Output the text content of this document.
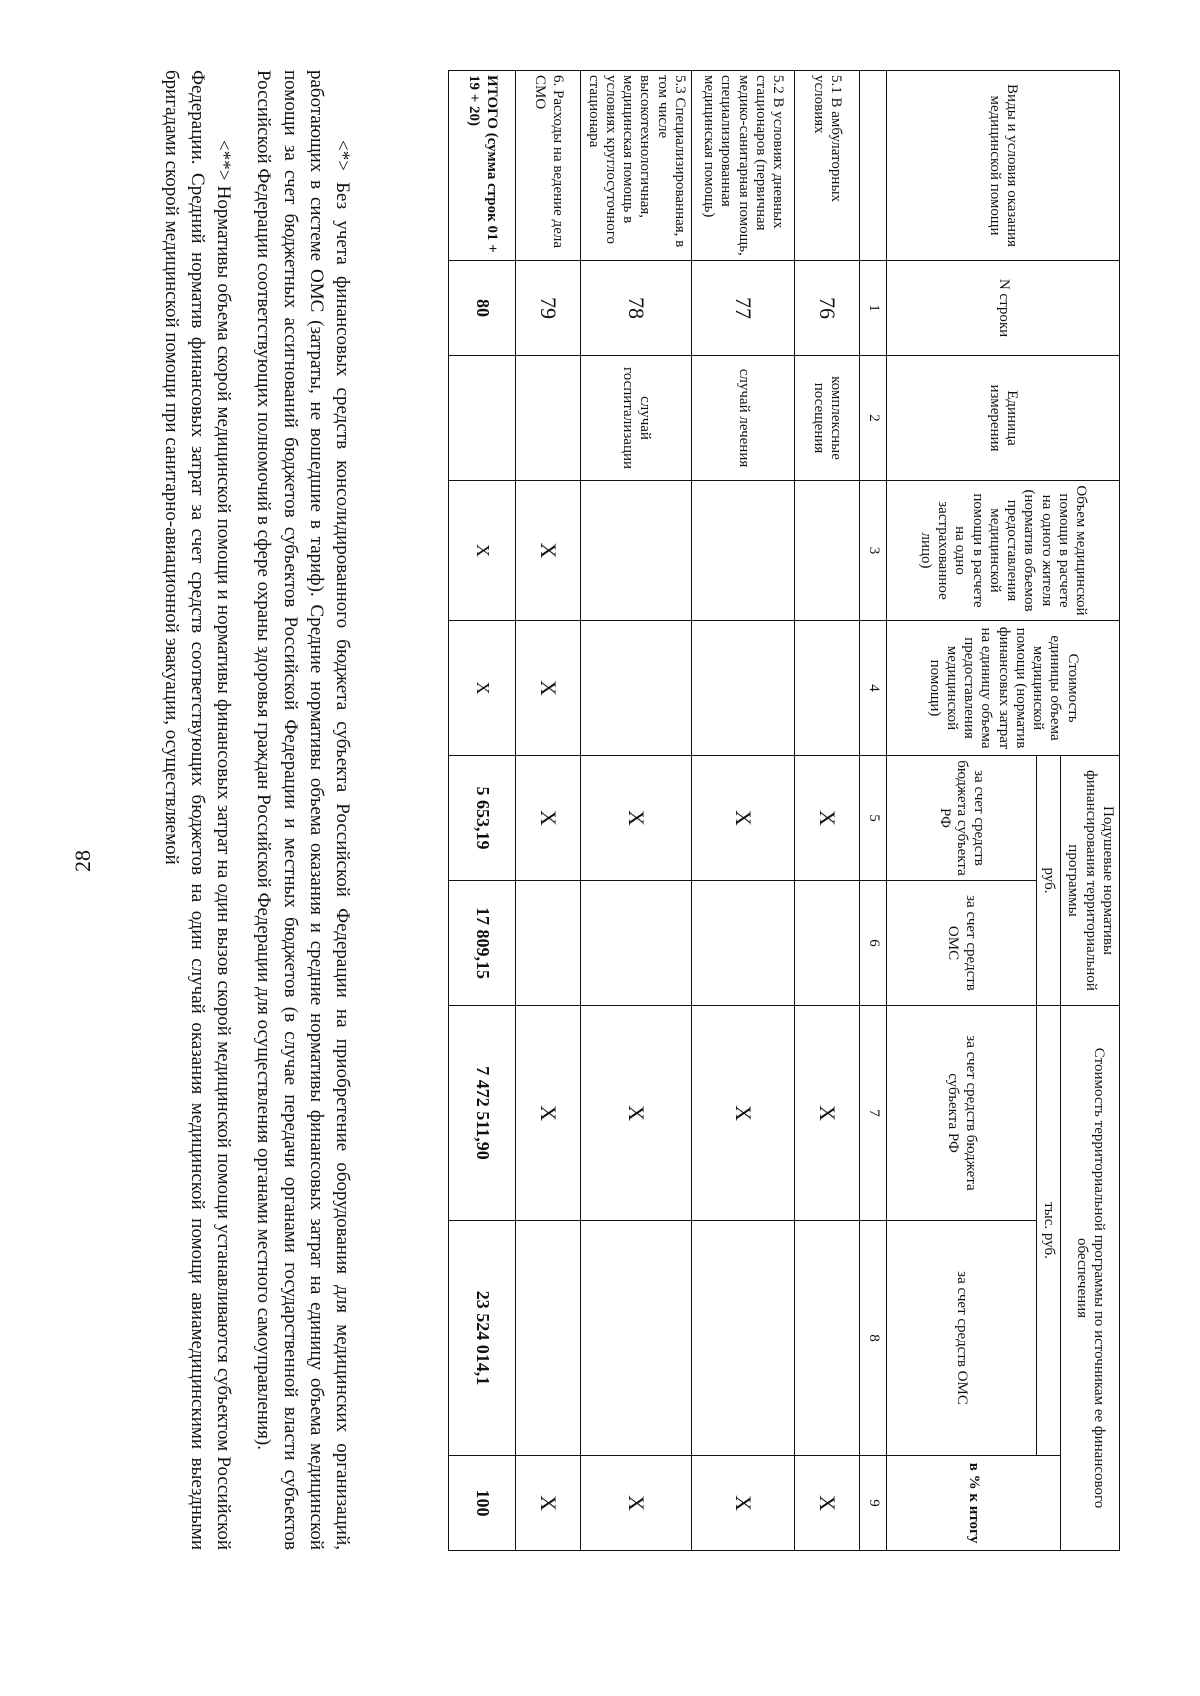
28
Виды и условия оказания медицинской помощи	N строки	Единица измерения	Объем медицинской помощи в расчете на одного жителя (норматив объемов предоставления медицинской помощи в расчете на одно застрахованное лицо)	Стоимость единицы объема медицинской помощи (норматив финансовых затрат на единицу объема предоставления медицинской помощи)	Подушевые нормативы финансирования территориальной программы		Стоимость территориальной программы по источникам ее финансового обеспечения		
					руб.		тыс. руб.		в % к итогу
					за счет средств бюджета субъекта РФ	за счет средств ОМС	за счет средств бюджета субъекта РФ	за счет средств ОМС	
	1	2	3	4	5	6	7	8	9
5.1 В амбулаторных условиях	76	комплексные посещения			X		X		X
5.2 В условиях дневных стационаров (первичная медико-санитарная помощь, специализированная медицинская помощь)	77	случай лечения			X		X		X
5.3 Специализированная, в том числе высокотехнологичная, медицинская помощь в условиях круглосуточного стационара	78	случай госпитализации			X		X		X
6. Расходы на ведение дела СМО	79		X	X	X		X		X
ИТОГО (сумма строк 01 + 19 + 20)	80		X	X	5 653,19	17 809,15	7 472 511,90	23 524 014,1	100

<*> Без учета финансовых средств консолидированного бюджета субъекта Российской Федерации на приобретение оборудования для медицинских организаций, работающих в системе ОМС (затраты, не вошедшие в тариф). Средние нормативы объема оказания и средние нормативы финансовых затрат на единицу объема медицинской помощи за счет бюджетных ассигнований бюджетов субъектов Российской Федерации и местных бюджетов (в случае передачи органами государственной власти субъектов Российской Федерации соответствующих полномочий в сфере охраны здоровья граждан Российской Федерации для осуществления органами местного самоуправления).

<**> Нормативы объема скорой медицинской помощи и нормативы финансовых затрат на один вызов скорой медицинской помощи устанавливаются субъектом Российской Федерации. Средний норматив финансовых затрат за счет средств соответствующих бюджетов на один случай оказания медицинской помощи авиамедицинскими выездными бригадами скорой медицинской помощи при санитарно-авиационной эвакуации, осуществляемой
